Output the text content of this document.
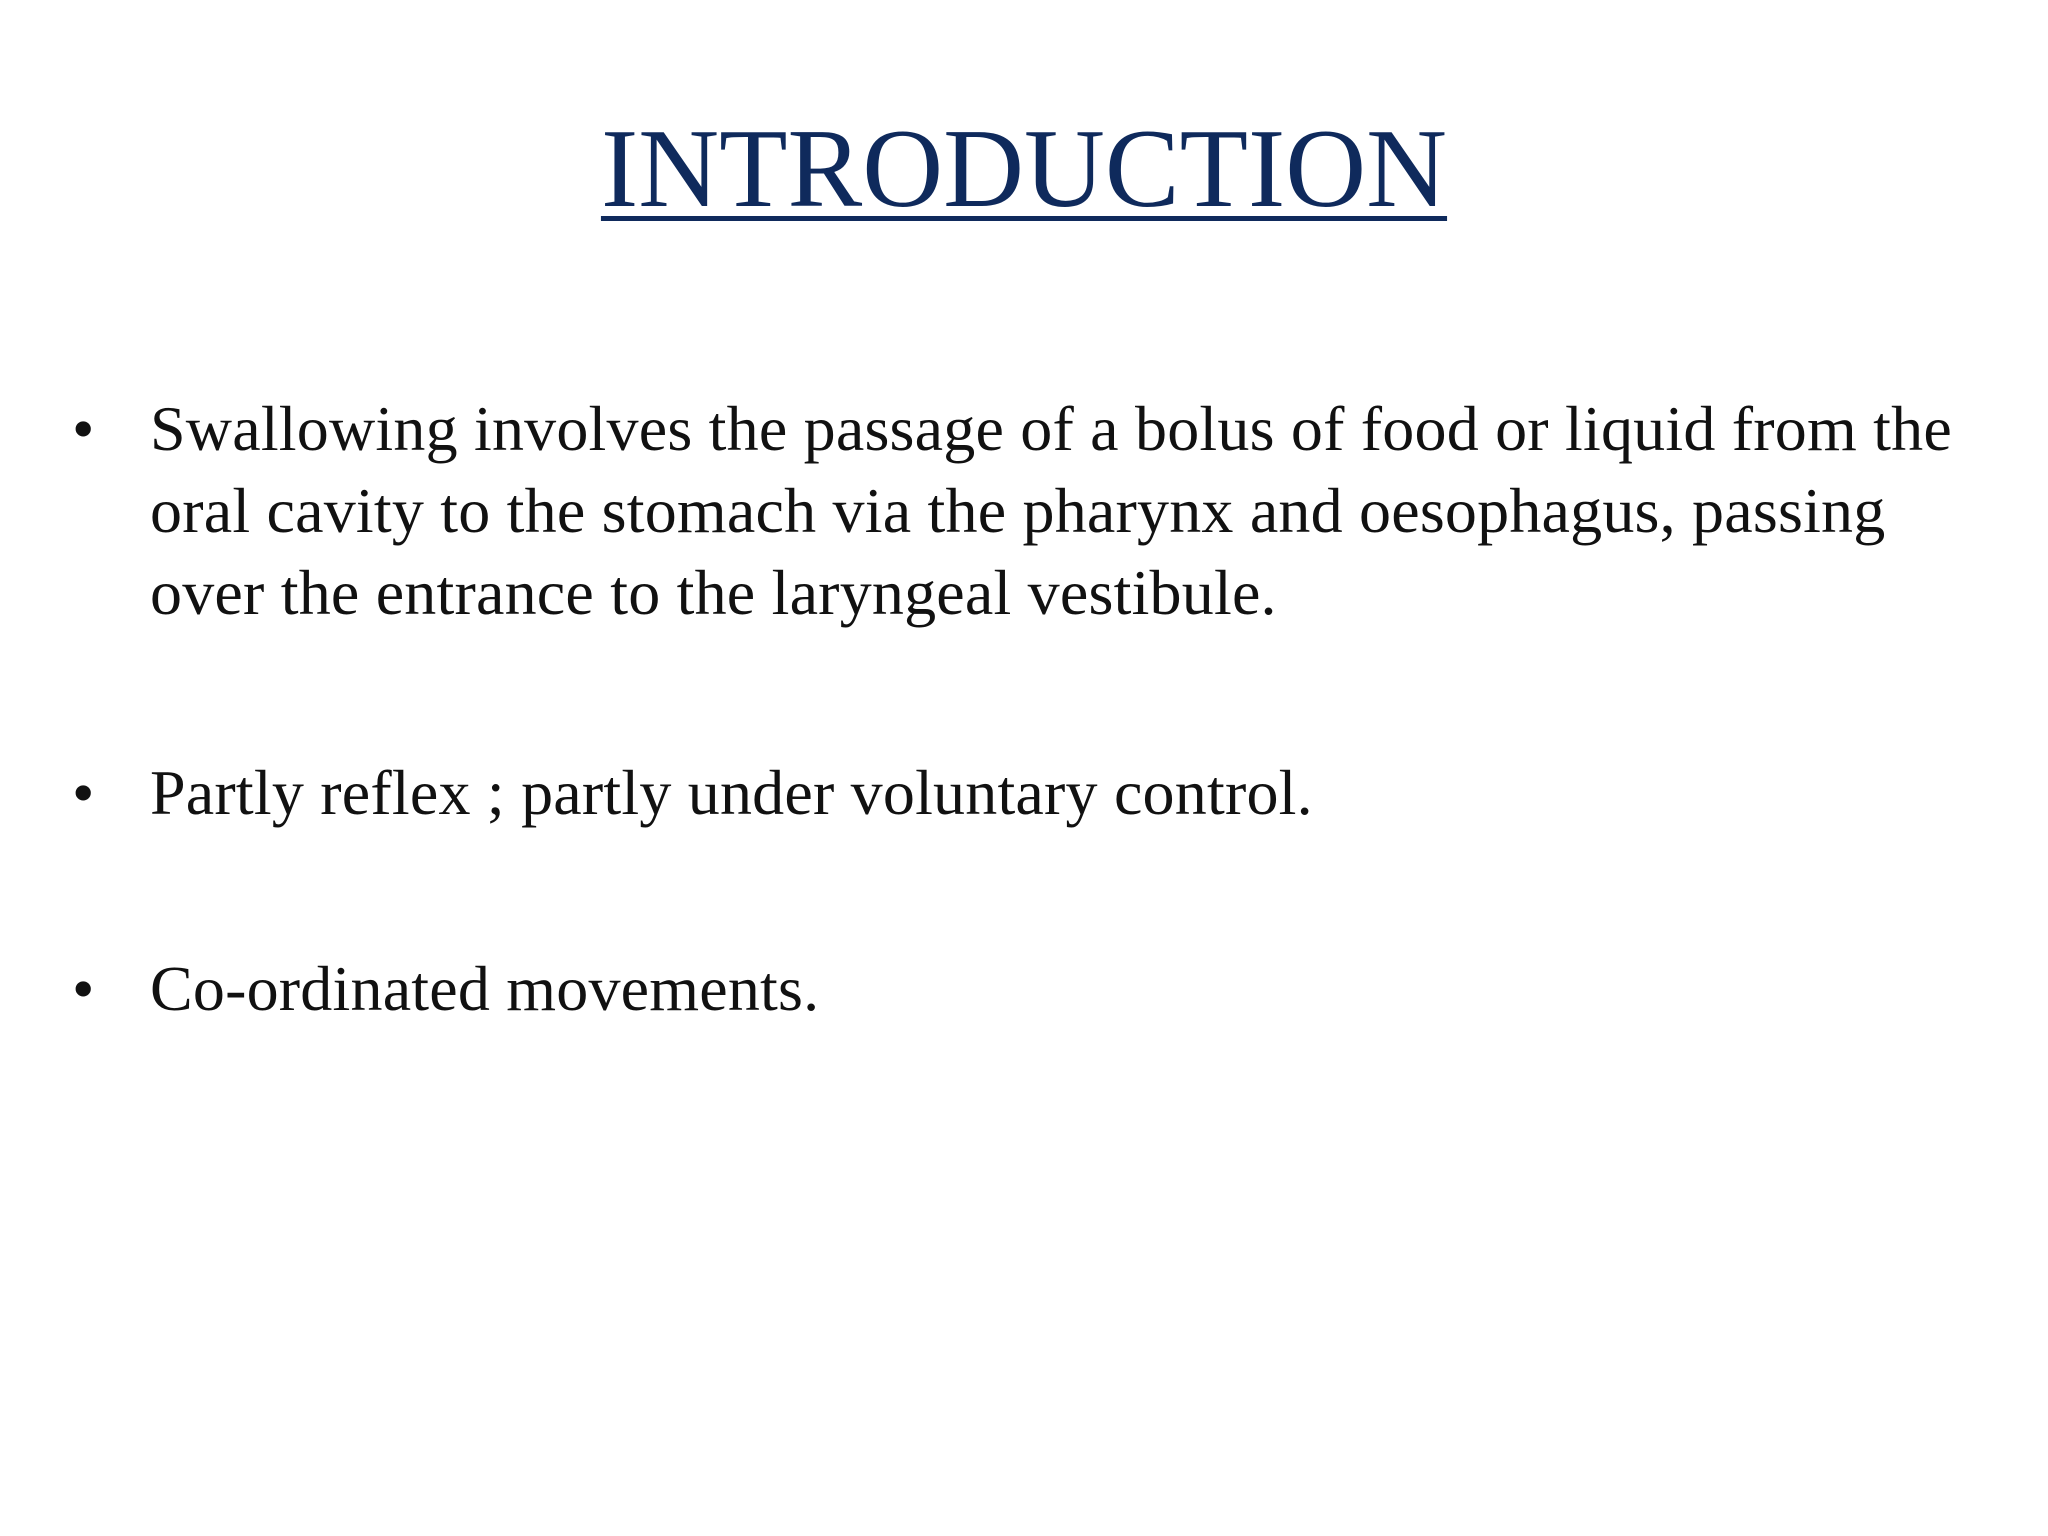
INTRODUCTION
• Swallowing involves the passage of a bolus of food or liquid from the oral cavity to the stomach via the pharynx and oesophagus, passing over the entrance to the laryngeal vestibule.
• Partly reflex ; partly under voluntary control.
• Co-ordinated movements.
